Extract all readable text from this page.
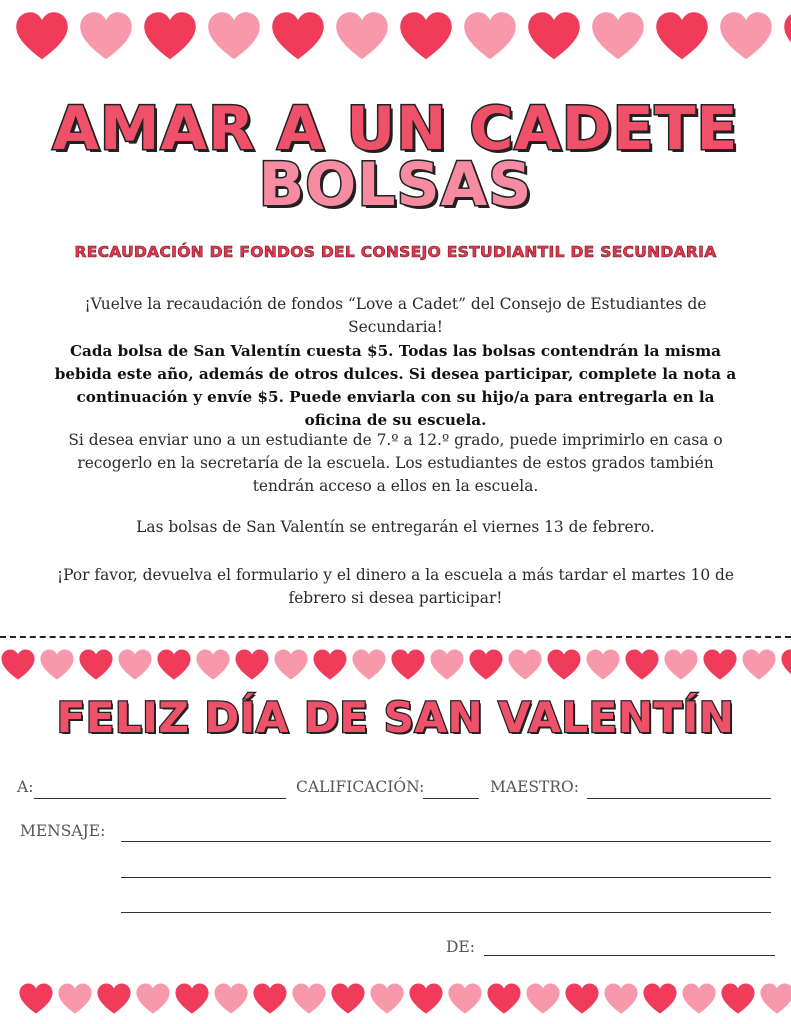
AMAR A UN CADETE
BOLSAS
RECAUDACIÓN DE FONDOS DEL CONSEJO ESTUDIANTIL DE SECUNDARIA
¡Vuelve la recaudación de fondos “Love a Cadet” del Consejo de Estudiantes de Secundaria!
Cada bolsa de San Valentín cuesta $5. Todas las bolsas contendrán la misma bebida este año, además de otros dulces. Si desea participar, complete la nota a continuación y envíe $5. Puede enviarla con su hijo/a para entregarla en la oficina de su escuela.
Si desea enviar uno a un estudiante de 7.º a 12.º grado, puede imprimirlo en casa o recogerlo en la secretaría de la escuela. Los estudiantes de estos grados también tendrán acceso a ellos en la escuela.
Las bolsas de San Valentín se entregarán el viernes 13 de febrero.
¡Por favor, devuelva el formulario y el dinero a la escuela a más tardar el martes 10 de febrero si desea participar!
FELIZ DÍA DE SAN VALENTÍN
A:	CALIFICACIÓN:	MAESTRO:
MENSAJE:
DE:
